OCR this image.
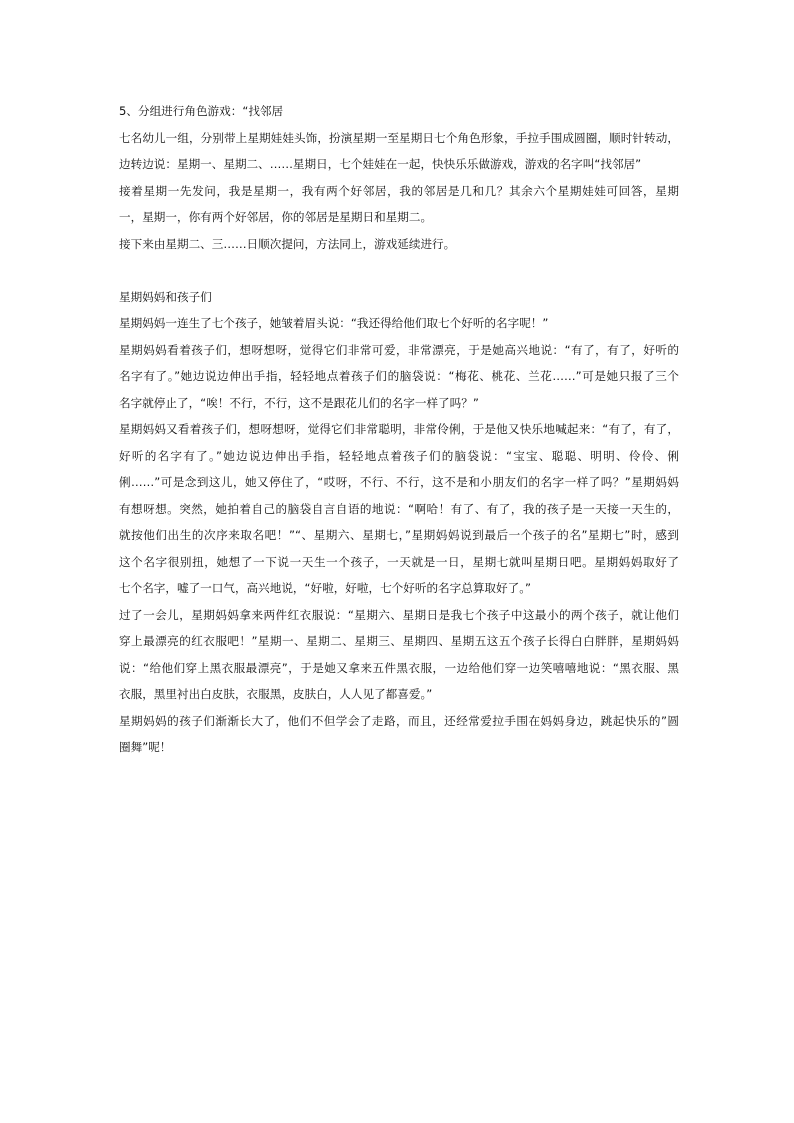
5、分组进行角色游戏：“找邻居
七名幼儿一组，分别带上星期娃娃头饰，扮演星期一至星期日七个角色形象，手拉手围成圆圈，顺时针转动，
边转边说：星期一、星期二、……星期日，七个娃娃在一起，快快乐乐做游戏，游戏的名字叫“找邻居”
接着星期一先发问，我是星期一，我有两个好邻居，我的邻居是几和几？其余六个星期娃娃可回答，星期
一，星期一，你有两个好邻居，你的邻居是星期日和星期二。
接下来由星期二、三……日顺次提问，方法同上，游戏延续进行。
星期妈妈和孩子们
星期妈妈一连生了七个孩子，她皱着眉头说：“我还得给他们取七个好听的名字呢！”
星期妈妈看着孩子们，想呀想呀，觉得它们非常可爱，非常漂亮，于是她高兴地说：“有了，有了，好听的
名字有了。”她边说边伸出手指，轻轻地点着孩子们的脑袋说：“梅花、桃花、兰花……”可是她只报了三个
名字就停止了，“唉！不行，不行，这不是跟花儿们的名字一样了吗？”
星期妈妈又看着孩子们，想呀想呀，觉得它们非常聪明，非常伶俐，于是他又快乐地喊起来：“有了，有了，
好听的名字有了。”她边说边伸出手指，轻轻地点着孩子们的脑袋说：“宝宝、聪聪、明明、伶伶、俐
俐……”可是念到这儿，她又停住了，“哎呀，不行、不行，这不是和小朋友们的名字一样了吗？”星期妈妈
有想呀想。突然，她拍着自己的脑袋自言自语的地说：“啊哈！有了、有了，我的孩子是一天接一天生的，
就按他们出生的次序来取名吧！”“、星期六、星期七，”星期妈妈说到最后一个孩子的名”星期七”时，感到
这个名字很别扭，她想了一下说一天生一个孩子，一天就是一日，星期七就叫星期日吧。星期妈妈取好了
七个名字，嘘了一口气，高兴地说，“好啦，好啦，七个好听的名字总算取好了。”
过了一会儿，星期妈妈拿来两件红衣服说：“星期六、星期日是我七个孩子中这最小的两个孩子，就让他们
穿上最漂亮的红衣服吧！”星期一、星期二、星期三、星期四、星期五这五个孩子长得白白胖胖，星期妈妈
说：“给他们穿上黑衣服最漂亮”，于是她又拿来五件黑衣服，一边给他们穿一边笑嘻嘻地说：“黑衣服、黑
衣服，黑里衬出白皮肤，衣服黑，皮肤白，人人见了都喜爱。”
星期妈妈的孩子们渐渐长大了，他们不但学会了走路，而且，还经常爱拉手围在妈妈身边，跳起快乐的”圆
圈舞”呢！
